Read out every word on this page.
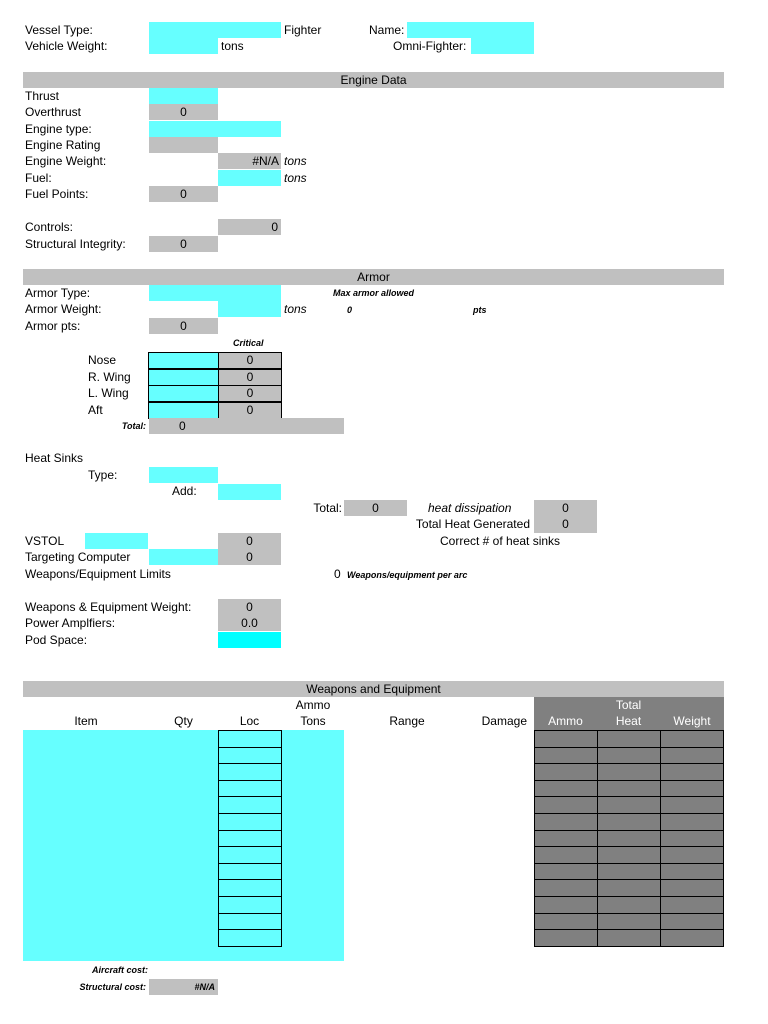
Vessel Type:	Fighter	Name:
Vehicle Weight:	tons	Omni-Fighter:
Engine Data
Thrust
Overthrust	0
Engine type:
Engine Rating
Engine Weight:	#N/A tons
Fuel:	tons
Fuel Points:	0
Controls:	0
Structural Integrity:	0
Armor
Armor Type:	Max armor allowed
Armor Weight:	tons	0	pts
Armor pts:	0
Critical
Nose	0
R. Wing	0
L. Wing	0
Aft	0
Total:	0
Heat Sinks
Type:
Add:
Total:	0	heat dissipation	0
Total Heat Generated	0
Correct # of heat sinks
VSTOL	0
Targeting Computer	0
Weapons/Equipment Limits	0 Weapons/equipment per arc
Weapons & Equipment Weight:	0
Power Amplfiers:	0.0
Pod Space:
Weapons and Equipment
Ammo	Total
Item	Qty	Loc	Tons	Range	Damage	Ammo	Heat	Weight
Aircraft cost:
Structural cost:	#N/A
